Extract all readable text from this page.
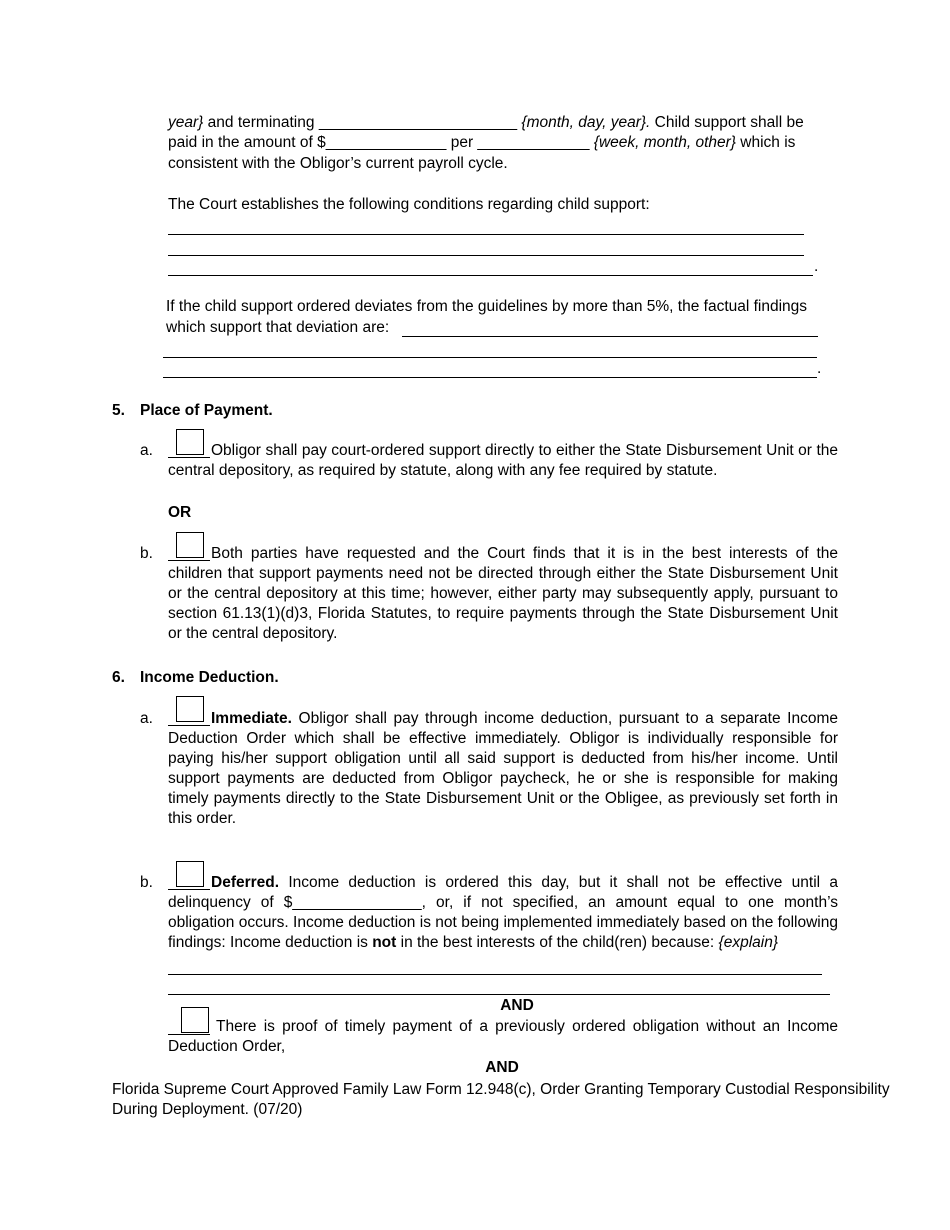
year} and terminating _______________________ {month, day, year}. Child support shall be
paid in the amount of $______________ per _____________ {week, month, other} which is
consistent with the Obligor’s current payroll cycle.
The Court establishes the following conditions regarding child support:
.
If the child support ordered deviates from the guidelines by more than 5%, the factual findings
which support that deviation are:
.
5. Place of Payment.
a.	Obligor shall pay court-ordered support directly to either the State Disbursement Unit or the central depository, as required by statute, along with any fee required by statute.
OR
b.	Both parties have requested and the Court finds that it is in the best interests of the children that support payments need not be directed through either the State Disbursement Unit or the central depository at this time; however, either party may subsequently apply, pursuant to section 61.13(1)(d)3, Florida Statutes, to require payments through the State Disbursement Unit or the central depository.
6. Income Deduction.
a.	Immediate. Obligor shall pay through income deduction, pursuant to a separate Income Deduction Order which shall be effective immediately. Obligor is individually responsible for paying his/her support obligation until all said support is deducted from his/her income. Until support payments are deducted from Obligor paycheck, he or she is responsible for making timely payments directly to the State Disbursement Unit or the Obligee, as previously set forth in this order.
b.	Deferred. Income deduction is ordered this day, but it shall not be effective until a delinquency of $_______________, or, if not specified, an amount equal to one month’s obligation occurs. Income deduction is not being implemented immediately based on the following findings: Income deduction is not in the best interests of the child(ren) because: {explain}
AND
There is proof of timely payment of a previously ordered obligation without an Income Deduction Order,
AND
Florida Supreme Court Approved Family Law Form 12.948(c), Order Granting Temporary Custodial Responsibility
During Deployment. (07/20)
